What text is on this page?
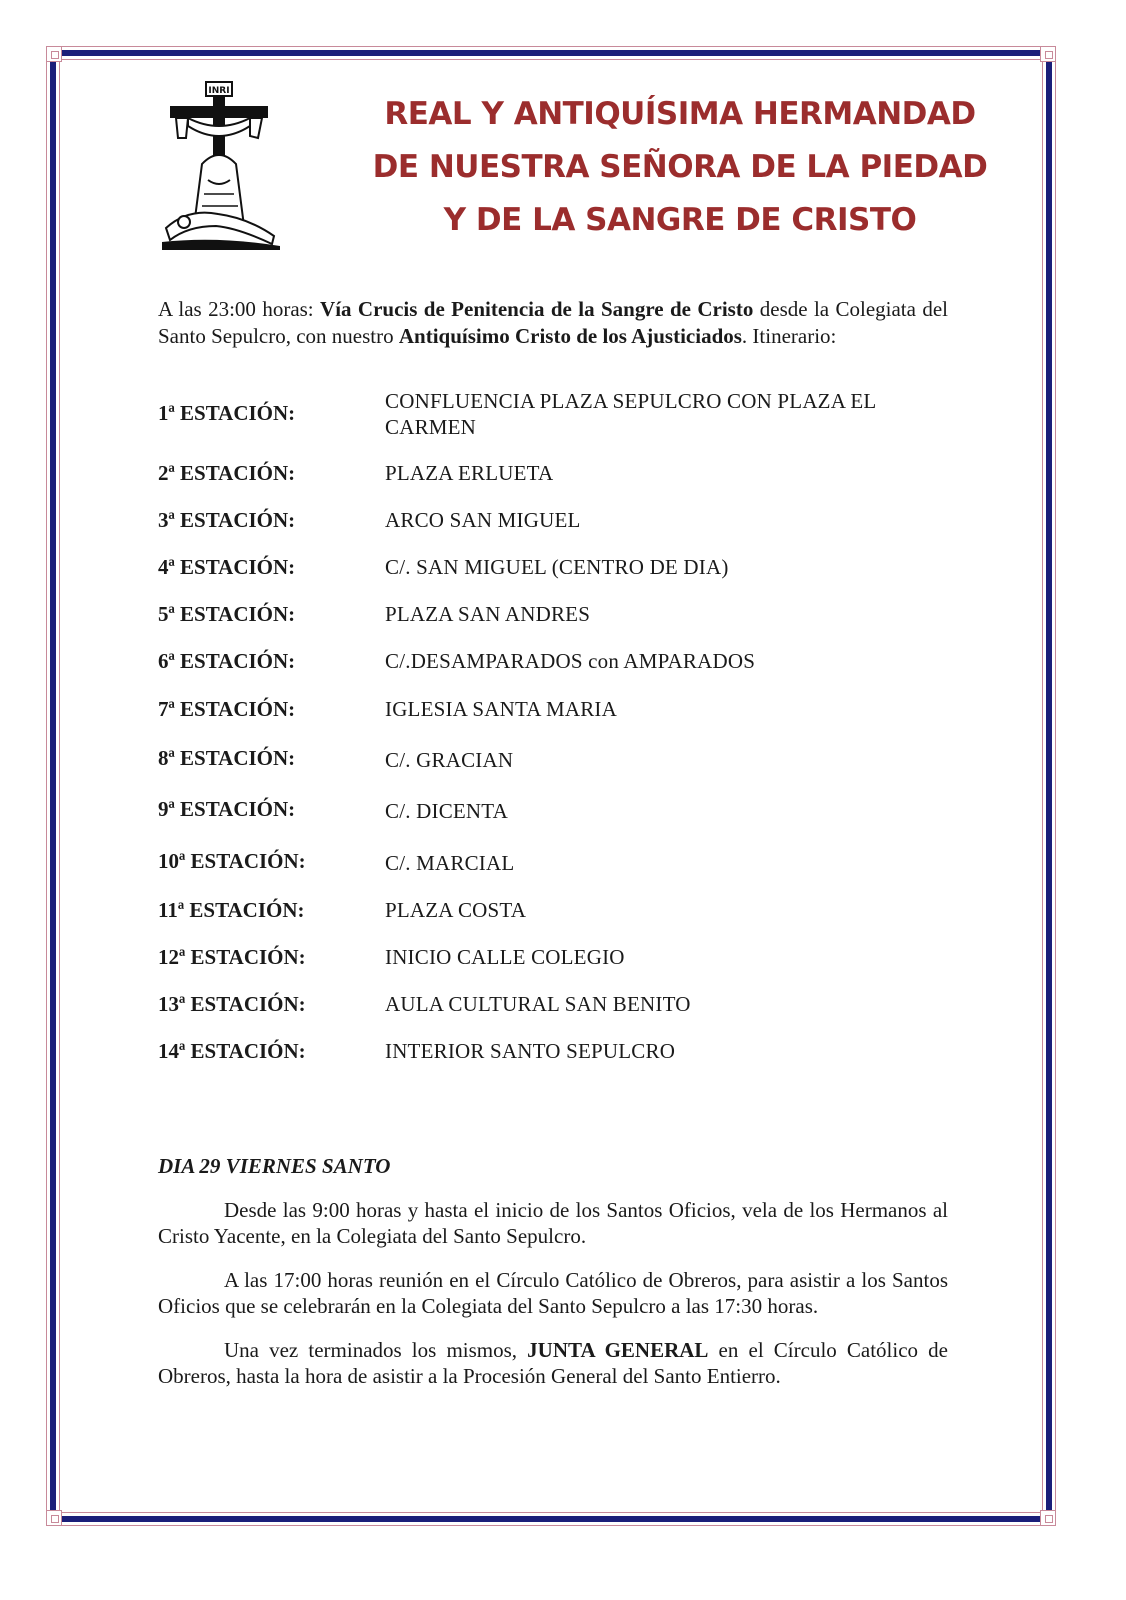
INRI
REAL Y ANTIQUÍSIMA HERMANDAD
DE NUESTRA SEÑORA DE LA PIEDAD
Y DE LA SANGRE DE CRISTO
A las 23:00 horas: Vía Crucis de Penitencia de la Sangre de Cristo desde la Colegiata del Santo Sepulcro, con nuestro Antiquísimo Cristo de los Ajusticiados. Itinerario:
1ª ESTACIÓN:	CONFLUENCIA PLAZA SEPULCRO CON PLAZA EL CARMEN
2ª ESTACIÓN:	PLAZA ERLUETA
3ª ESTACIÓN:	ARCO SAN MIGUEL
4ª ESTACIÓN:	C/. SAN MIGUEL (CENTRO DE DIA)
5ª ESTACIÓN:	PLAZA SAN ANDRES
6ª ESTACIÓN:	C/.DESAMPARADOS con AMPARADOS
7ª ESTACIÓN:	IGLESIA SANTA MARIA
8ª ESTACIÓN:	C/. GRACIAN
9ª ESTACIÓN:	C/. DICENTA
10ª ESTACIÓN:	C/. MARCIAL
11ª ESTACIÓN:	PLAZA COSTA
12ª ESTACIÓN:	INICIO CALLE COLEGIO
13ª ESTACIÓN:	AULA CULTURAL SAN BENITO
14ª ESTACIÓN:	INTERIOR SANTO SEPULCRO
DIA 29 VIERNES SANTO
Desde las 9:00 horas y hasta el inicio de los Santos Oficios, vela de los Hermanos al Cristo Yacente, en la Colegiata del Santo Sepulcro.
A las 17:00 horas reunión en el Círculo Católico de Obreros, para asistir a los Santos Oficios que se celebrarán en la Colegiata del Santo Sepulcro a las 17:30 horas.
Una vez terminados los mismos, JUNTA GENERAL en el Círculo Católico de Obreros, hasta la hora de asistir a la Procesión General del Santo Entierro.
